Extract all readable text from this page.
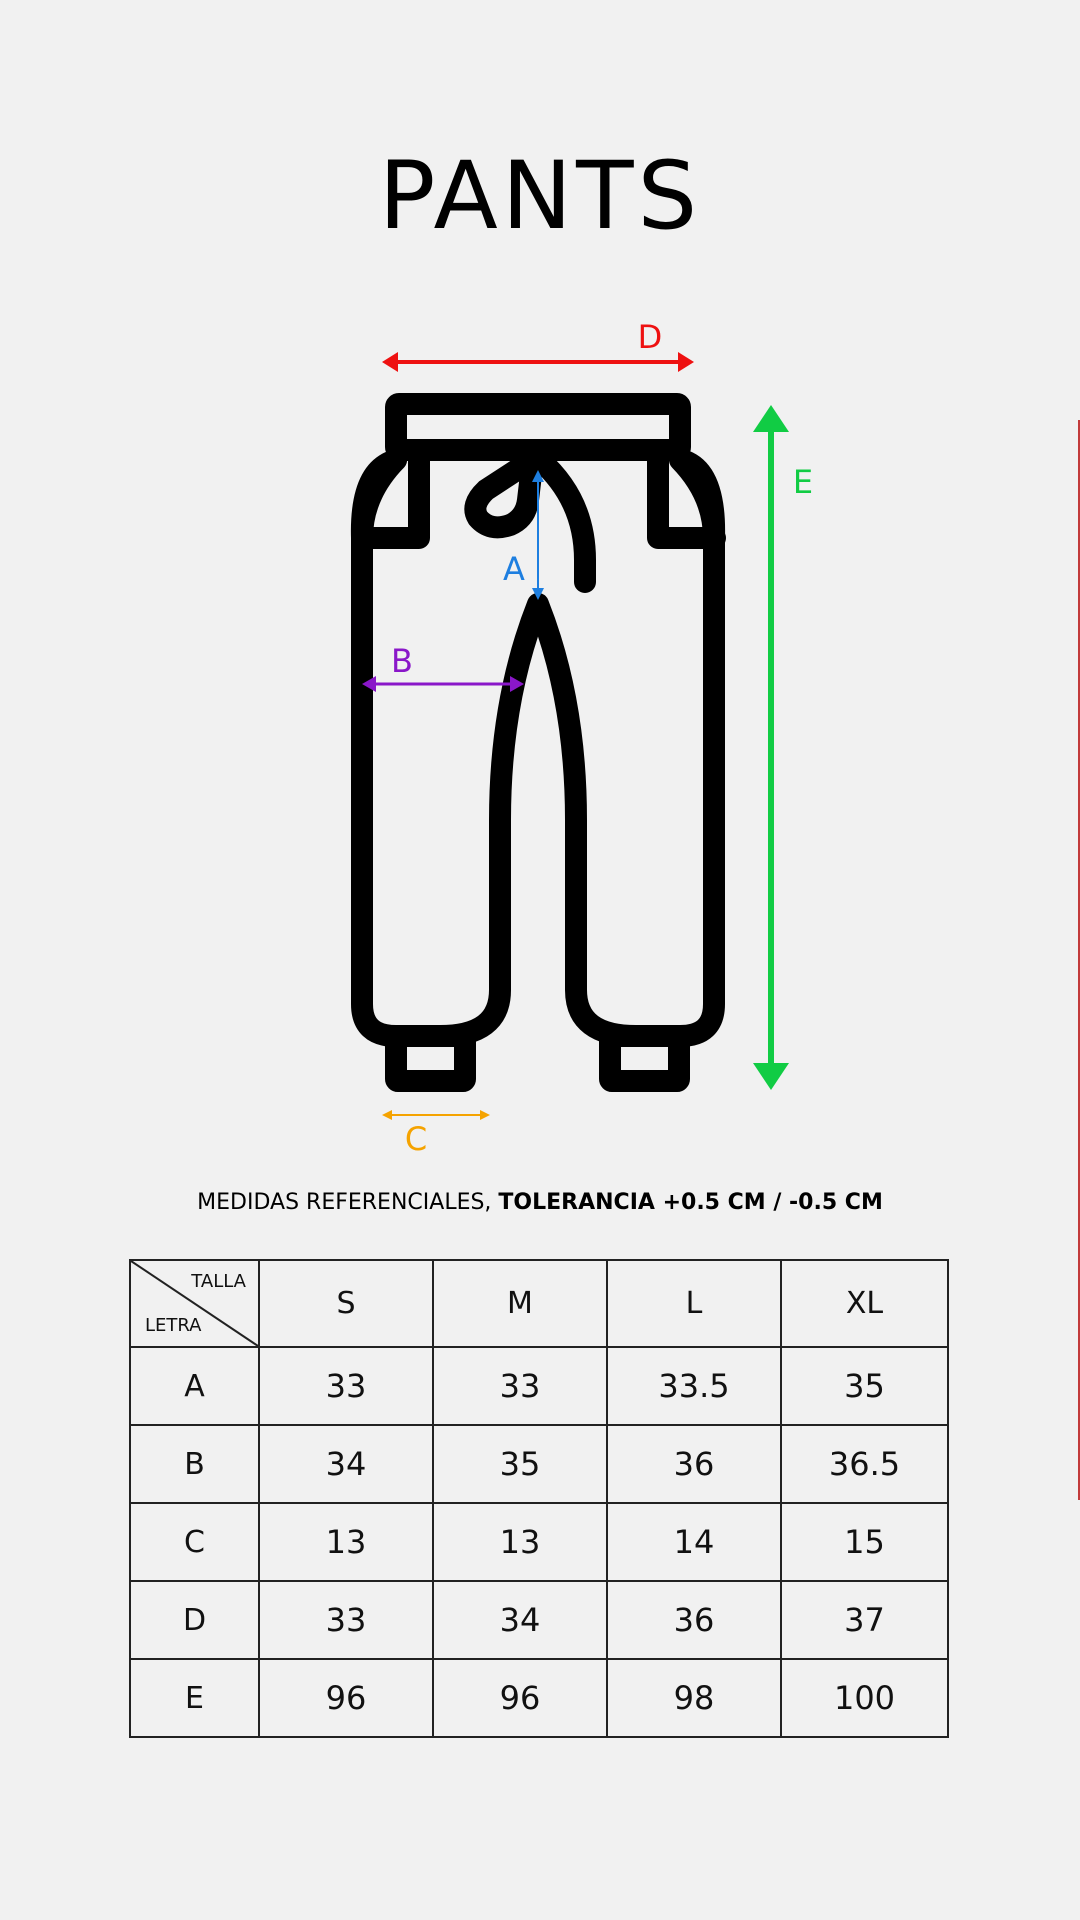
PANTS
D
E
A
B
C
MEDIDAS REFERENCIALES, TOLERANCIA +0.5 CM / -0.5 CM
TALLA
LETRA	S	M	L	XL
A	33	33	33.5	35
B	34	35	36	36.5
C	13	13	14	15
D	33	34	36	37
E	96	96	98	100
